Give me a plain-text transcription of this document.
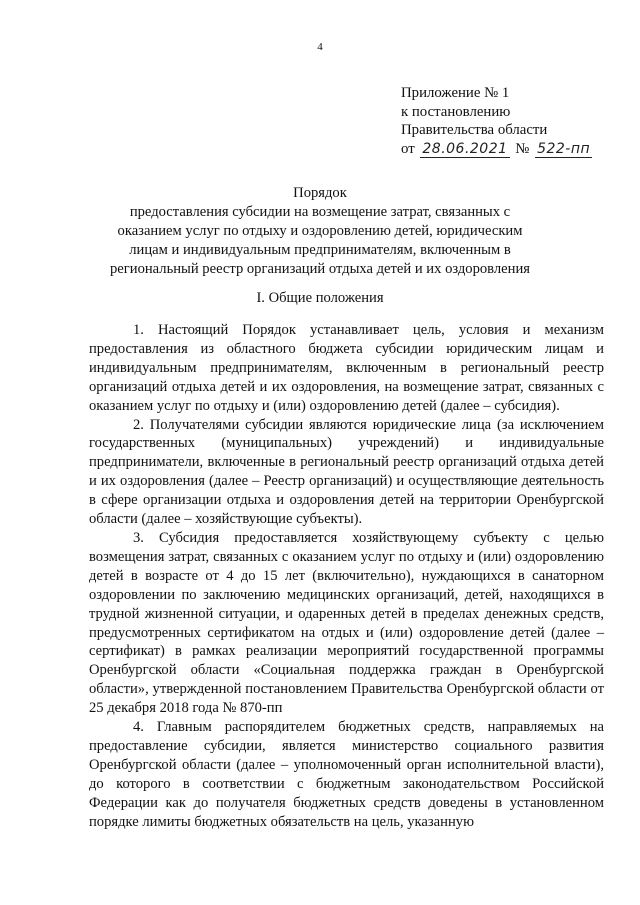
4
Приложение № 1
к постановлению
Правительства области
от 28.06.2021 № 522-пп
Порядок
предоставления субсидии на возмещение затрат, связанных с оказанием услуг по отдыху и оздоровлению детей, юридическим лицам и индивидуальным предпринимателям, включенным в региональный реестр организаций отдыха детей и их оздоровления
I. Общие положения

1. Настоящий Порядок устанавливает цель, условия и механизм предоставления из областного бюджета субсидии юридическим лицам и индивидуальным предпринимателям, включенным в региональный реестр организаций отдыха детей и их оздоровления, на возмещение затрат, связанных с оказанием услуг по отдыху и (или) оздоровлению детей (далее – субсидия).

2. Получателями субсидии являются юридические лица (за исключением государственных (муниципальных) учреждений) и индивидуальные предприниматели, включенные в региональный реестр организаций отдыха детей и их оздоровления (далее – Реестр организаций) и осуществляющие деятельность в сфере организации отдыха и оздоровления детей на территории Оренбургской области (далее – хозяйствующие субъекты).

3. Субсидия предоставляется хозяйствующему субъекту с целью возмещения затрат, связанных с оказанием услуг по отдыху и (или) оздоровлению детей в возрасте от 4 до 15 лет (включительно), нуждающихся в санаторном оздоровлении по заключению медицинских организаций, детей, находящихся в трудной жизненной ситуации, и одаренных детей в пределах денежных средств, предусмотренных сертификатом на отдых и (или) оздоровление детей (далее – сертификат) в рамках реализации мероприятий государственной программы Оренбургской области «Социальная поддержка граждан в Оренбургской области», утвержденной постановлением Правительства Оренбургской области от 25 декабря 2018 года № 870-пп

4. Главным распорядителем бюджетных средств, направляемых на предоставление субсидии, является министерство социального развития Оренбургской области (далее – уполномоченный орган исполнительной власти), до которого в соответствии с бюджетным законодательством Российской Федерации как до получателя бюджетных средств доведены в установленном порядке лимиты бюджетных обязательств на цель, указанную
